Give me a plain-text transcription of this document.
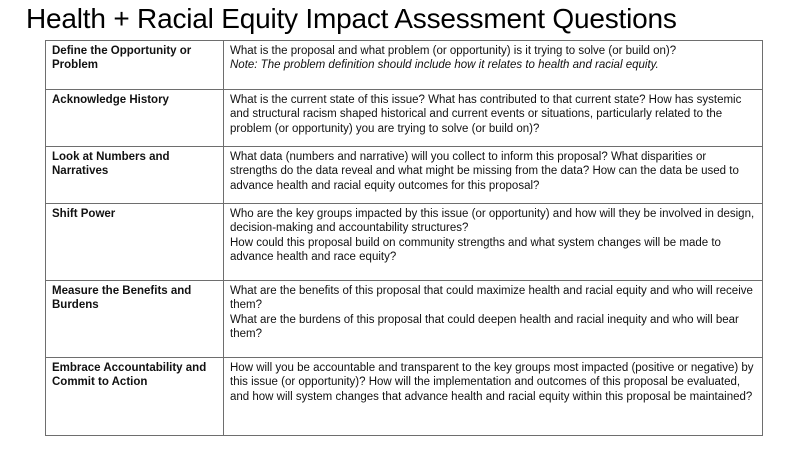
Health + Racial Equity Impact Assessment Questions
Define the Opportunity or Problem	What is the proposal and what problem (or opportunity) is it trying to solve (or build on)?
Note: The problem definition should include how it relates to health and racial equity.

Acknowledge History	What is the current state of this issue? What has contributed to that current state? How has systemic and structural racism shaped historical and current events or situations, particularly related to the problem (or opportunity) you are trying to solve (or build on)?

Look at Numbers and Narratives	What data (numbers and narrative) will you collect to inform this proposal? What disparities or strengths do the data reveal and what might be missing from the data? How can the data be used to advance health and racial equity outcomes for this proposal?

Shift Power	Who are the key groups impacted by this issue (or opportunity) and how will they be involved in design, decision-making and accountability structures?
How could this proposal build on community strengths and what system changes will be made to advance health and race equity?

Measure the Benefits and Burdens	What are the benefits of this proposal that could maximize health and racial equity and who will receive them?
What are the burdens of this proposal that could deepen health and racial inequity and who will bear them?

Embrace Accountability and Commit to Action	How will you be accountable and transparent to the key groups most impacted (positive or negative) by this issue (or opportunity)? How will the implementation and outcomes of this proposal be evaluated, and how will system changes that advance health and racial equity within this proposal be maintained?
